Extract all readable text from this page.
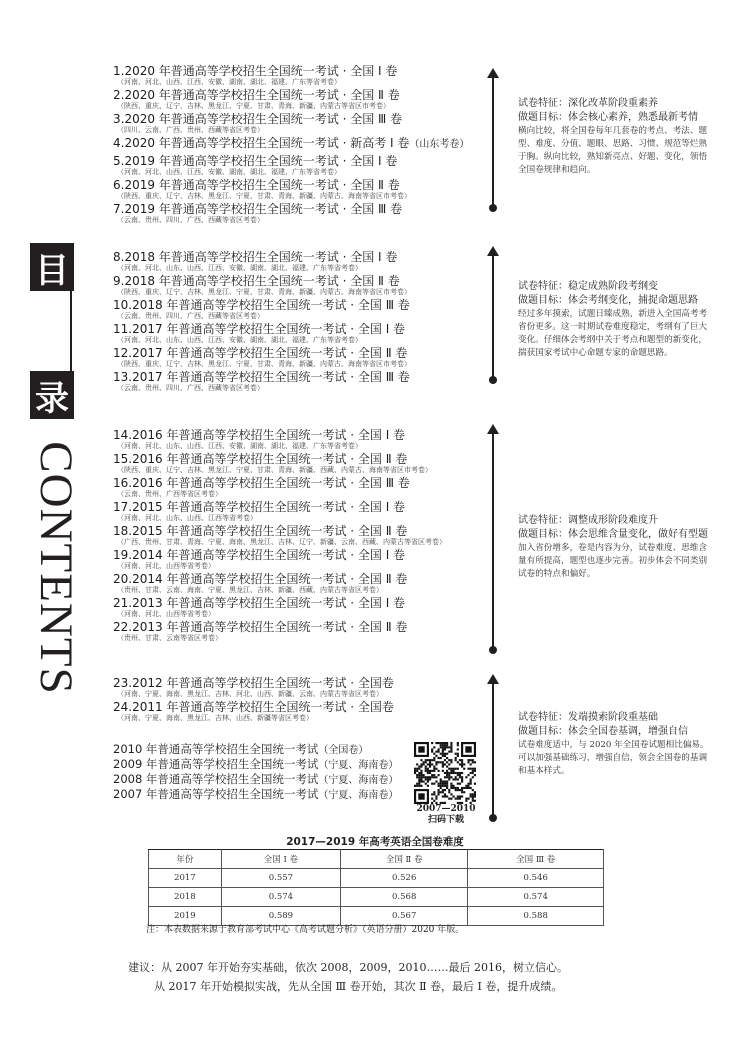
目
录
CONTENTS
1.2020 年普通高等学校招生全国统一考试 · 全国 Ⅰ 卷
（河南、河北、山西、江西、安徽、湖南、湖北、福建、广东等省考卷）
2.2020 年普通高等学校招生全国统一考试 · 全国 Ⅱ 卷
（陕西、重庆、辽宁、吉林、黑龙江、宁夏、甘肃、青海、新疆、内蒙古等省区市考卷）
3.2020 年普通高等学校招生全国统一考试 · 全国 Ⅲ 卷
（四川、云南、广西、贵州、西藏等省区考卷）
4.2020 年普通高等学校招生全国统一考试 · 新高考 Ⅰ 卷（山东考卷）
5.2019 年普通高等学校招生全国统一考试 · 全国 Ⅰ 卷
（河南、河北、山西、江西、安徽、湖南、湖北、福建、广东等省考卷）
6.2019 年普通高等学校招生全国统一考试 · 全国 Ⅱ 卷
（陕西、重庆、辽宁、吉林、黑龙江、宁夏、甘肃、青海、新疆、内蒙古、海南等省区市考卷）
7.2019 年普通高等学校招生全国统一考试 · 全国 Ⅲ 卷
（云南、贵州、四川、广西、西藏等省区考卷）
8.2018 年普通高等学校招生全国统一考试 · 全国 Ⅰ 卷
（河南、河北、山东、山西、江西、安徽、湖南、湖北、福建、广东等省考卷）
9.2018 年普通高等学校招生全国统一考试 · 全国 Ⅱ 卷
（陕西、重庆、辽宁、吉林、黑龙江、宁夏、甘肃、青海、新疆、内蒙古、海南等省区市考卷）
10.2018 年普通高等学校招生全国统一考试 · 全国 Ⅲ 卷
（云南、贵州、四川、广西、西藏等省区考卷）
11.2017 年普通高等学校招生全国统一考试 · 全国 Ⅰ 卷
（河南、河北、山东、山西、江西、安徽、湖南、湖北、福建、广东等省考卷）
12.2017 年普通高等学校招生全国统一考试 · 全国 Ⅱ 卷
（陕西、重庆、辽宁、吉林、黑龙江、宁夏、甘肃、青海、新疆、内蒙古、海南等省区市考卷）
13.2017 年普通高等学校招生全国统一考试 · 全国 Ⅲ 卷
（云南、贵州、四川、广西、西藏等省区考卷）
14.2016 年普通高等学校招生全国统一考试 · 全国 Ⅰ 卷
（河南、河北、山东、山西、江西、安徽、湖南、湖北、福建、广东等省考卷）
15.2016 年普通高等学校招生全国统一考试 · 全国 Ⅱ 卷
（陕西、重庆、辽宁、吉林、黑龙江、宁夏、甘肃、青海、新疆、西藏、内蒙古、海南等省区市考卷）
16.2016 年普通高等学校招生全国统一考试 · 全国 Ⅲ 卷
（云南、贵州、广西等省区考卷）
17.2015 年普通高等学校招生全国统一考试 · 全国 Ⅰ 卷
（河南、河北、山东、山西、江西等省考卷）
18.2015 年普通高等学校招生全国统一考试 · 全国 Ⅱ 卷
（广西、贵州、甘肃、青海、宁夏、海南、黑龙江、吉林、辽宁、新疆、云南、西藏、内蒙古等省区考卷）
19.2014 年普通高等学校招生全国统一考试 · 全国 Ⅰ 卷
（河南、河北、山西等省考卷）
20.2014 年普通高等学校招生全国统一考试 · 全国 Ⅱ 卷
（贵州、甘肃、云南、海南、宁夏、黑龙江、吉林、新疆、西藏、内蒙古等省区考卷）
21.2013 年普通高等学校招生全国统一考试 · 全国 Ⅰ 卷
（河南、河北、山西等省考卷）
22.2013 年普通高等学校招生全国统一考试 · 全国 Ⅱ 卷
（贵州、甘肃、云南等省区考卷）
23.2012 年普通高等学校招生全国统一考试 · 全国卷
（河南、宁夏、海南、黑龙江、吉林、河北、山西、新疆、云南、内蒙古等省区考卷）
24.2011 年普通高等学校招生全国统一考试 · 全国卷
（河南、宁夏、海南、黑龙江、吉林、山西、新疆等省区考卷）
试卷特征：深化改革阶段重素养
做题目标：体会核心素养，熟悉最新考情
横向比较，将全国卷每年几套卷的考点、考法、题型、难度、分值、题眼、思路、习惯、规范等烂熟于胸。纵向比较，熟知新亮点、好题、变化，领悟全国卷规律和趋向。
试卷特征：稳定成熟阶段考纲变
做题目标：体会考纲变化，捕捉命题思路
经过多年摸索，试题日臻成熟，新进入全国高考考省份更多。这一时期试卷难度稳定，考纲有了巨大变化。仔细体会考纲中关于考点和题型的新变化，揣获国家考试中心命题专家的命题思路。
试卷特征：调整成形阶段难度升
做题目标：体会思维含量变化，做好有型题
加入省份增多，卷是内容为分，试卷难度、思维含量有所提高，题型也逐步完善。初步体会不同类别试卷的特点和偏好。
试卷特征：发端摸索阶段重基础
做题目标：体会全国卷基调，增强自信
试卷难度适中，与 2020 年全国卷试题相比偏易。可以加强基础练习，增强自信，领会全国卷的基调和基本样式。
2010 年普通高等学校招生全国统一考试（全国卷）
2009 年普通高等学校招生全国统一考试（宁夏、海南卷）
2008 年普通高等学校招生全国统一考试（宁夏、海南卷）
2007 年普通高等学校招生全国统一考试（宁夏、海南卷）
2007—2010
扫码下载
2017—2019 年高考英语全国卷难度
年份	全国 Ⅰ 卷	全国 Ⅱ 卷	全国 Ⅲ 卷
2017	0.557	0.526	0.546
2018	0.574	0.568	0.574
2019	0.589	0.567	0.588
注：本表数据来源于教育部考试中心《高考试题分析》（英语分册）2020 年版。
建议：从 2007 年开始夯实基础，依次 2008，2009，2010……最后 2016，树立信心。
从 2017 年开始模拟实战，先从全国 Ⅲ 卷开始，其次 Ⅱ 卷，最后 Ⅰ 卷，提升成绩。
